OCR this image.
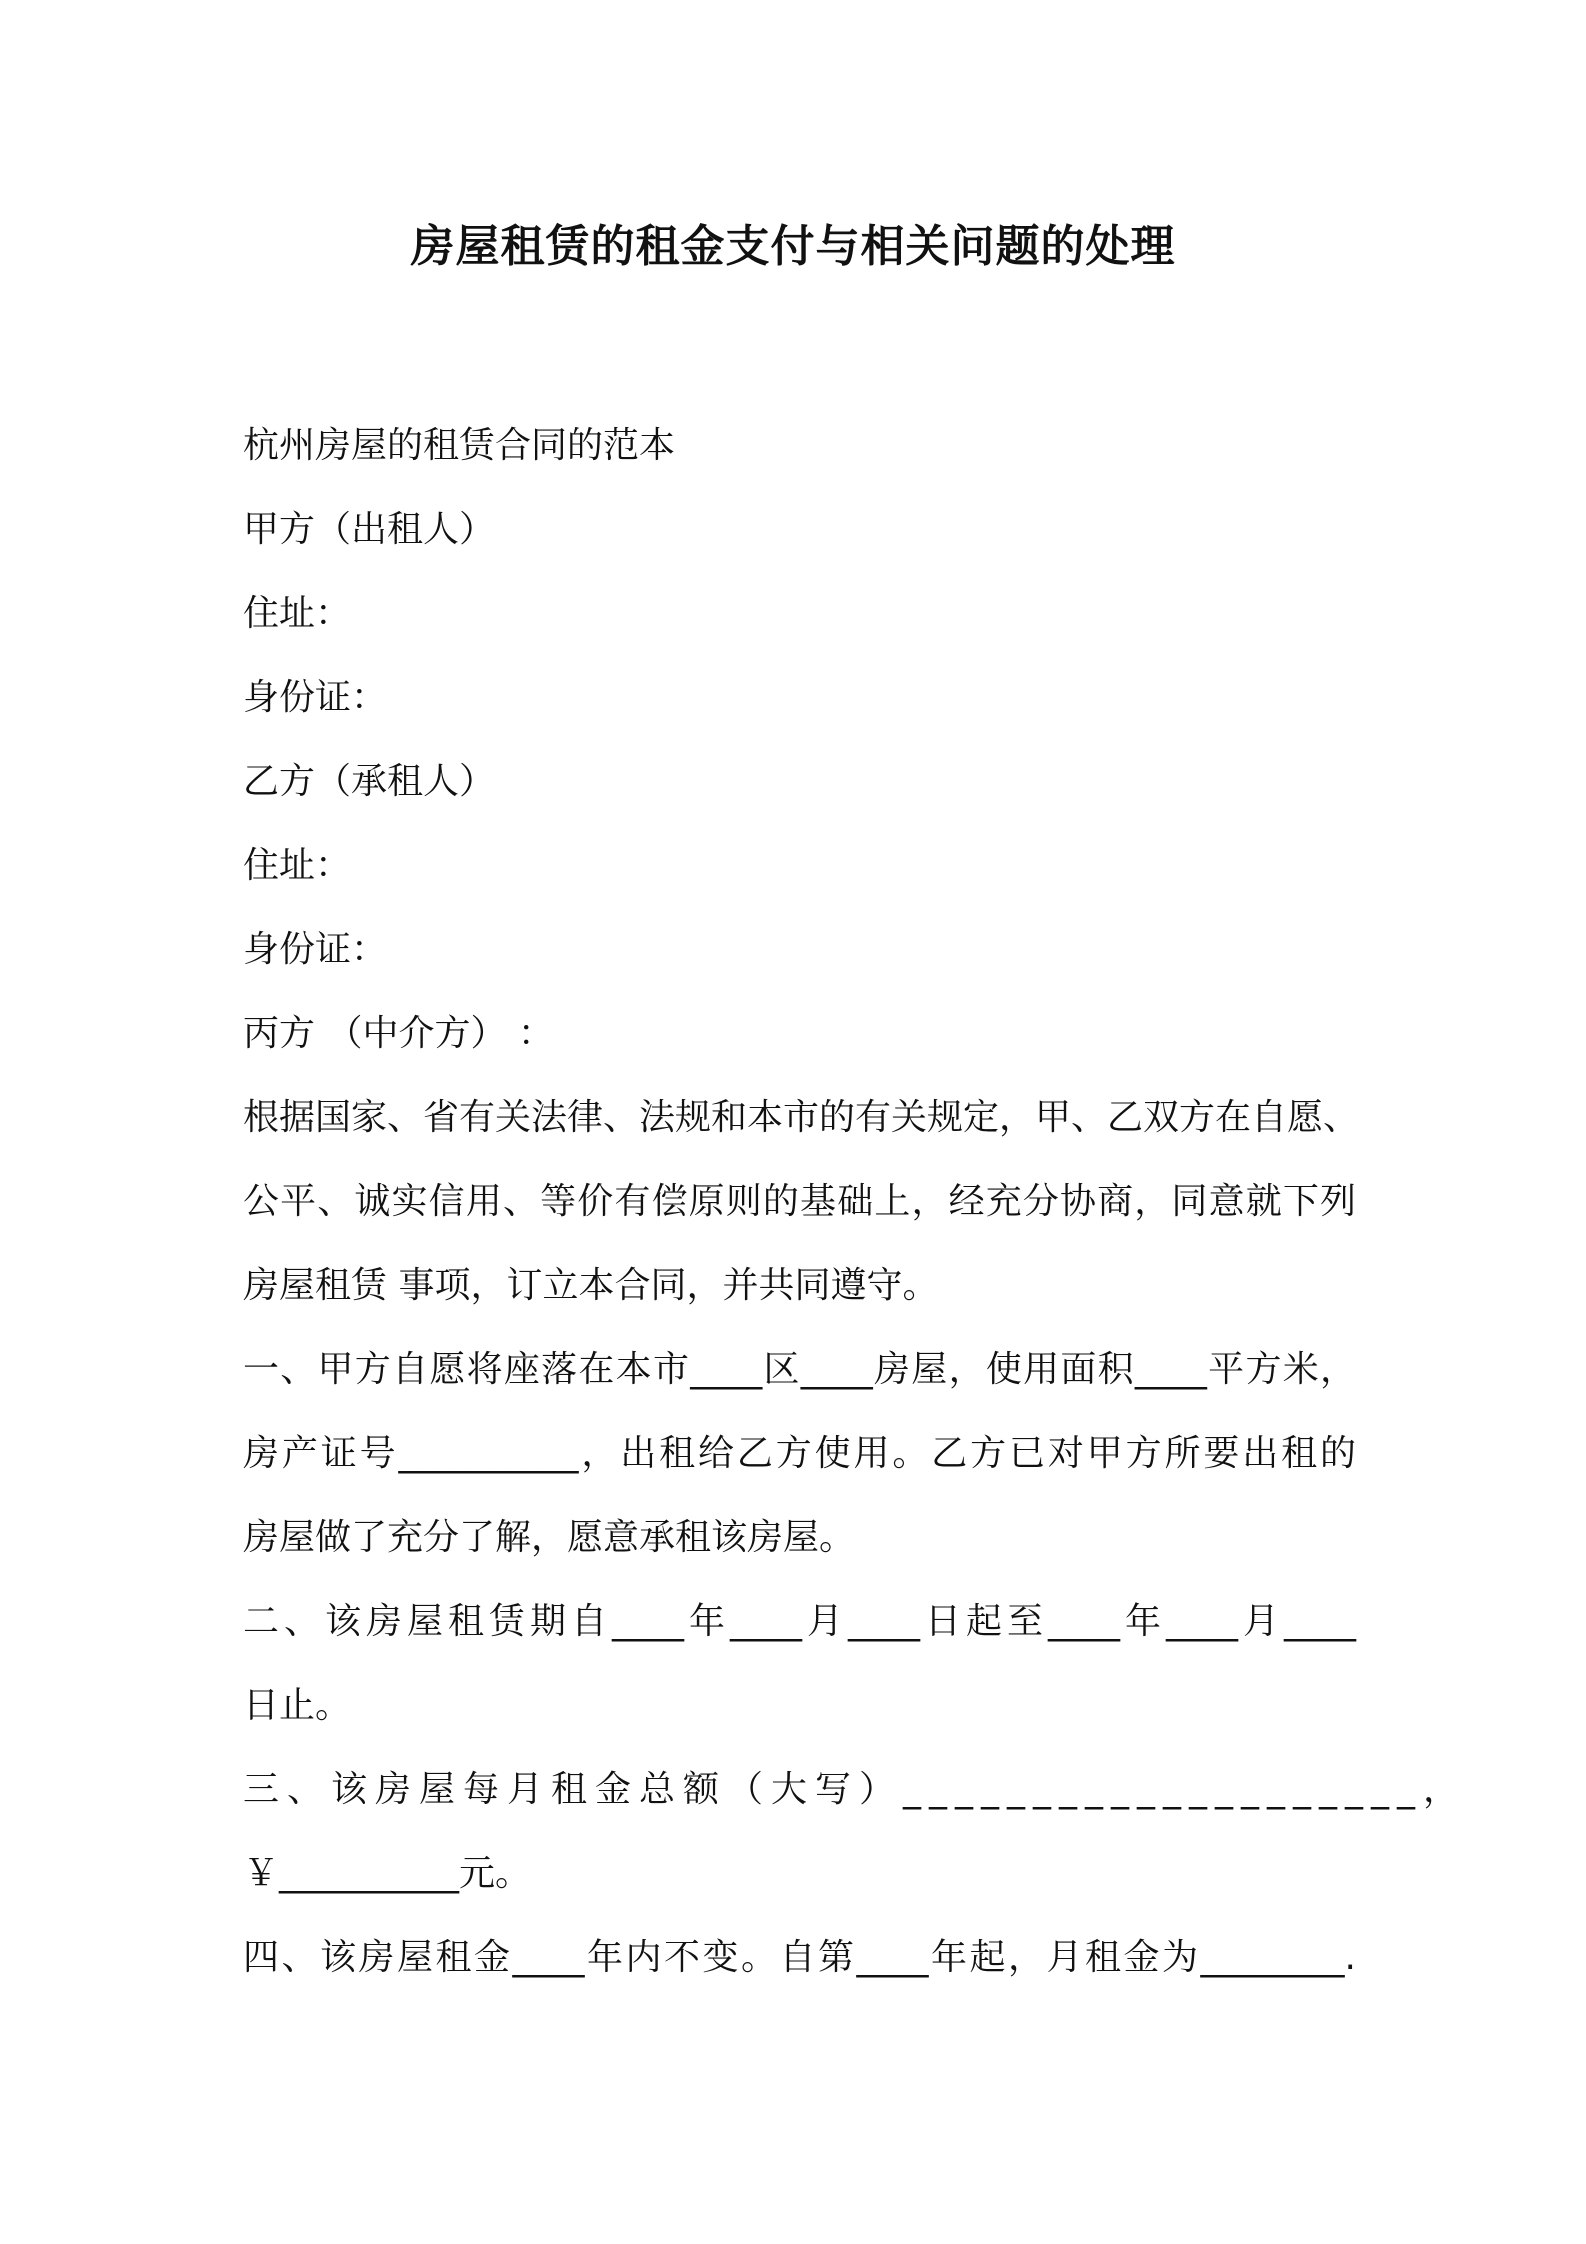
房屋租赁的租金支付与相关问题的处理
杭州房屋的租赁合同的范本
甲方（出租人）
住址：
身份证：
乙方（承租人）
住址：
身份证：
丙方 （中介方） ：
根据国家、省有关法律、法规和本市的有关规定，甲、乙双方在自愿、
公平、诚实信用、等价有偿原则的基础上，经充分协商，同意就下列
房屋租赁 事项，订立本合同，并共同遵守。
一、甲方自愿将座落在本市____区____房屋，使用面积____平方米，
房产证号__________，出租给乙方使用。乙方已对甲方所要出租的
房屋做了充分了解，愿意承租该房屋。
二、该房屋租赁期自____年____月____日起至____年____月____
日止。
三、该房屋每月租金总额（大写）____________________，
￥__________元。
四、该房屋租金____年内不变。自第____年起，月租金为________.
